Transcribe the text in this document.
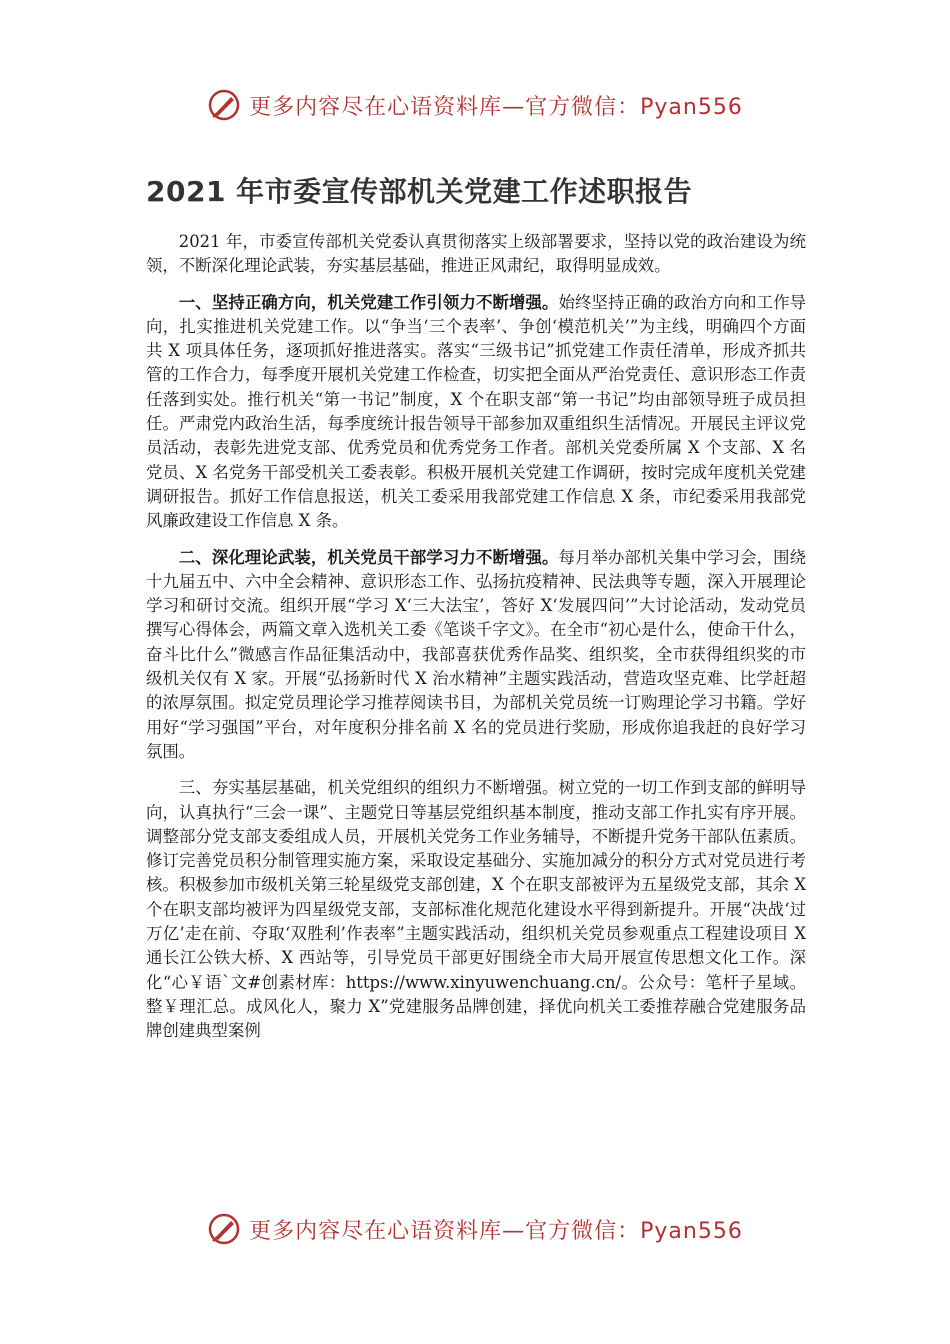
更多内容尽在心语资料库—官方微信：Pyan556
2021 年市委宣传部机关党建工作述职报告

2021 年，市委宣传部机关党委认真贯彻落实上级部署要求，坚持以党的政治建设为统领，不断深化理论武装，夯实基层基础，推进正风肃纪，取得明显成效。

一、坚持正确方向，机关党建工作引领力不断增强。始终坚持正确的政治方向和工作导向，扎实推进机关党建工作。以“争当‘三个表率’、争创‘模范机关’”为主线，明确四个方面共 X 项具体任务，逐项抓好推进落实。落实“三级书记”抓党建工作责任清单，形成齐抓共管的工作合力，每季度开展机关党建工作检查，切实把全面从严治党责任、意识形态工作责任落到实处。推行机关“第一书记”制度，X 个在职支部“第一书记”均由部领导班子成员担任。严肃党内政治生活，每季度统计报告领导干部参加双重组织生活情况。开展民主评议党员活动，表彰先进党支部、优秀党员和优秀党务工作者。部机关党委所属 X 个支部、X 名党员、X 名党务干部受机关工委表彰。积极开展机关党建工作调研，按时完成年度机关党建调研报告。抓好工作信息报送，机关工委采用我部党建工作信息 X 条，市纪委采用我部党风廉政建设工作信息 X 条。

二、深化理论武装，机关党员干部学习力不断增强。每月举办部机关集中学习会，围绕十九届五中、六中全会精神、意识形态工作、弘扬抗疫精神、民法典等专题，深入开展理论学习和研讨交流。组织开展“学习 X‘三大法宝’，答好 X‘发展四问’”大讨论活动，发动党员撰写心得体会，两篇文章入选机关工委《笔谈千字文》。在全市“初心是什么，使命干什么，奋斗比什么”微感言作品征集活动中，我部喜获优秀作品奖、组织奖，全市获得组织奖的市级机关仅有 X 家。开展“弘扬新时代 X 治水精神”主题实践活动，营造攻坚克难、比学赶超的浓厚氛围。拟定党员理论学习推荐阅读书目，为部机关党员统一订购理论学习书籍。学好用好“学习强国”平台，对年度积分排名前 X 名的党员进行奖励，形成你追我赶的良好学习氛围。

三、夯实基层基础，机关党组织的组织力不断增强。树立党的一切工作到支部的鲜明导向，认真执行“三会一课”、主题党日等基层党组织基本制度，推动支部工作扎实有序开展。调整部分党支部支委组成人员，开展机关党务工作业务辅导，不断提升党务干部队伍素质。修订完善党员积分制管理实施方案，采取设定基础分、实施加减分的积分方式对党员进行考核。积极参加市级机关第三轮星级党支部创建，X 个在职支部被评为五星级党支部，其余 X 个在职支部均被评为四星级党支部，支部标准化规范化建设水平得到新提升。开展“决战‘过万亿’走在前、夺取‘双胜利’作表率”主题实践活动，组织机关党员参观重点工程建设项目 X 通长江公铁大桥、X 西站等，引导党员干部更好围绕全市大局开展宣传思想文化工作。深化“心￥语`文#创素材库：https://www.xinyuwenchuang.cn/。公众号：笔杆子星域。整￥理汇总。成风化人，聚力 X”党建服务品牌创建，择优向机关工委推荐融合党建服务品牌创建典型案例

更多内容尽在心语资料库—官方微信：Pyan556
